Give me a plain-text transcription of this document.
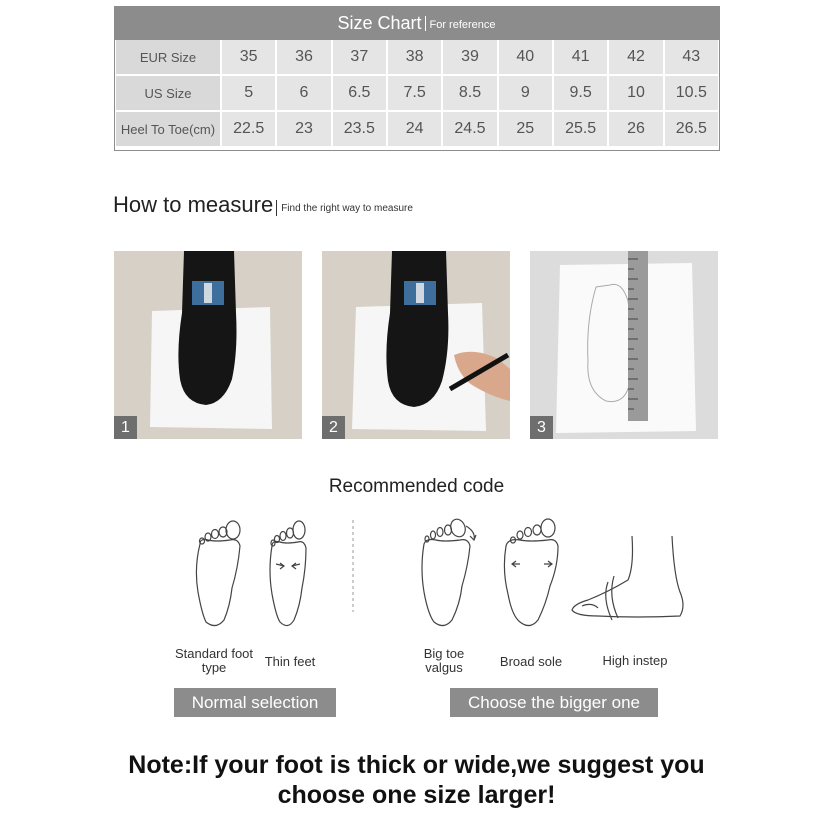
Size Chart For reference
EUR Size	35	36	37	38	39	40	41	42	43
US Size	5	6	6.5	7.5	8.5	9	9.5	10	10.5
Heel To Toe(cm)	22.5	23	23.5	24	24.5	25	25.5	26	26.5
How to measure Find the right way to measure
1	2	3
Recommended code
Standard foot type	Thin feet
Big toe valgus	Broad sole	High instep
Normal selection	Choose the bigger one
Note:If your foot is thick or wide,we suggest you
choose one size larger!
